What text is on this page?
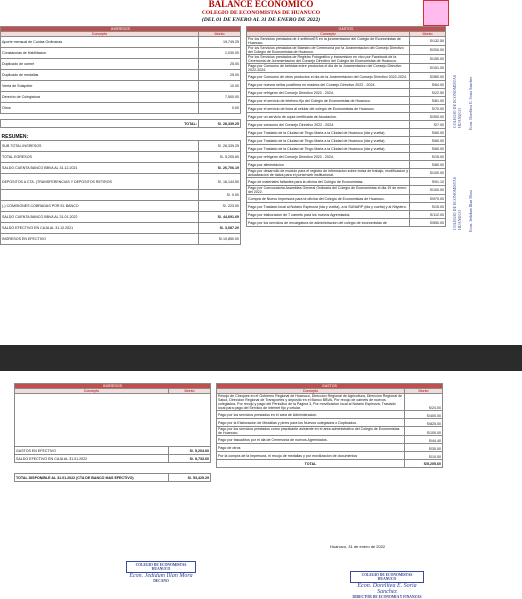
BALANCE ECONOMICO
COLEGIO DE ECONOMISTAS DE HUANUCO
(DEL 01 DE ENERO AL 31 DE ENERO DE 2022)
INGRESOS	
Concepto	Monto
Aporte mensual de Cuotas Ordinarias	19,749.25
Constancias de Habilitacion	1,030.00
Duplicado de carnet	25.00
Duplicado de medallas	25.00
Venta de Solapeter	10.00
Derecho de Colegiatura	7,500.00
Otros	0.00

TOTAL:	S/. 28,339.25

RESUMEN:	
SUB TOTAL INGRESOS	S/. 28,339.25
TOTAL EGRESOS	S/. 5,205.60
SALDO CUENTA BANCO BBVA AL 31.12.2021	S/. 26,706.19
DEPOSITOS A CTA. (TRANSFERENCIAS Y DEPOSITOS RETIROS	S/. 16,144.50
	S/. 0.00
(-) COMISIONES COBRADAS POR EL BANCO	S/. 223.00
SALDO CUENTA BANCO BBVA AL 31.01.2022	S/. 44,691.69
SALDO EFECTIVO EN CAJA AL 31.12.2021	S/. 3,087.20
INGRESOS EN EFECTIVO	S/.10,850.00
GASTOS	
Concepto	Monto
Por los Servicios prestados de 4 snfitrionES en la juramentacion del Colegio de Economistas de Huanuco.	S/132.50
Por los Servicios prestados de Maestro de Ceremonia por la Juramentacion del Consejo Directivo del Colegio de Economistas de Huanuco.	S/200.00
Por los Servicios prestados de Registro Fotografico y transmision en vivo por Facebook de la Ceremonia de Juramentacion del Consejo Directivo del Colegio de Economistas de Huanuco.	S/150.00
Pago por Consumo de bebidas entre productos el dia de la Juramentacion del Consejo Directivo 2022-2024.	S/151.00
Pago por Consumo de otros productos el dia de la Juramentacion del Consejo Directivo 2022-2024.	S/360.00
Pago por nuevos sellos postfirma en madera del Consejo Directivo 2022 - 2024.	S/64.00
Pago por refrigerio del Consejo Directivo 2022 - 2024.	S/22.50
Pago por el servicio de telefono fijo del Colegio de Economistas de Huanuco.	S/81.00
Pago por el servicio de linea al celular del colegio de Economistas de Huanuco.	S/70.00
Pago por un servicio de copia certificada de Asociacion.	S/300.00
Pago por consumo del Consejo Directivo 2022 - 2024.	S/7.00
Pago por Traslado de la Ciudad de Tingo Maria a la Ciudad de Huanuco (ida y vuelta).	S/60.00
Pago por Traslado de la Ciudad de Tingo Maria a la Ciudad de Huanuco (ida y vuelta).	S/60.00
Pago por Traslado de la Ciudad de Tingo Maria a la Ciudad de Huanuco (ida y vuelta).	S/60.00
Pago por refrigerio del Consejo Directivo 2022 - 2024.	S/15.00
Pago por alimentacion	S/80.00
Pago por desarrollo de modulo para el registro de informacion sobre bolsa de trabajo, modificacion y actualizacion de datos para el portal web institucional.	S/100.00
Pago de materiales faltantes para la oficina del Colegio de Economistas.	S/91.10
Pago por Convocatoria Asamblea General Ordinaria del Colegio de Economistas el dia 19 de enero del 2022.	S/100.00
Compra de Nuevo Impresora para la oficina del Colegio de Economistas de Huanuco.	S/970.00
Pago por Traslado local al Notario Espinoza (ida y vuelta), a la SUNARP (ida y vuelta) y al Nitydero.	S/15.00
Pago por elaboracion de 7 carnets para los nuevos Agremiados.	S/112.00
Pago por los servicios de encargatura de administracion del colegio de economistas de	S/550.00
COLEGIO DE ECONOMISTAS HUANUCO Econ. Dorelitea E. Soria Sanchez
COLEGIO DE ECONOMISTAS HUANUCO Econ. Jedidum Illan Mora
INGRESOS	
Concepto	Monto

GASTOS EN EFECTIVO	S/. 5,204.60
SALDO EFECTIVO EN CAJA AL 31.01.2022	S/. 8,733.60

TOTAL DISPONIBLE AL 31.01.2022 (CTA DE BANCO MAS EFECTIVO)	S/. 53,425.29
GASTOS	
Concepto	Monto
Recojo de Cheques en el Gobierno Regional de Huanuco, Direccion Regional de Agricultura, Direccion Regional de Salud, Direccion Regional de Transportes y deposito en el Banco BBVA, Por recojo de carnets de nuevos colegiados, Por recojo y pago del Periodico de la Pagina 3, Por movilizacion local al Notario Espinoza, Traslado local para pago del Servicio de internet fijo y celular.	S/24.00
Pago por los servicios prestados en el area de Administracion.	S/400.00
Pago por la Elaboracion de Medallas y pines para los Nuevos colegiados o Duplicados.	S/825.00
Pago por los servicios prestados como practicante asistente en el area administrativo del Colegio de Economistas de Huanuco.	S/100.00
Pago por fascaditos por el dia de Ceremonia de nuevos Agremiados.	S/44.40
Pago de otros	S/30.00
Por la compra de la impresora, el recojo de medallas y por movilizacion de documentos	S/10.00
TOTAL	S/5,205.60
Huanuco, 31 de enero de 2022
COLEGIO DE ECONOMISTAS HUANUCO
Econ. Jedidum Illan Mora
DECANO
COLEGIO DE ECONOMISTAS HUANUCO
Econ. Dorelitea E. Soria Sanchez
DIRECTOR DE ECONOMIA Y FINANZAS
